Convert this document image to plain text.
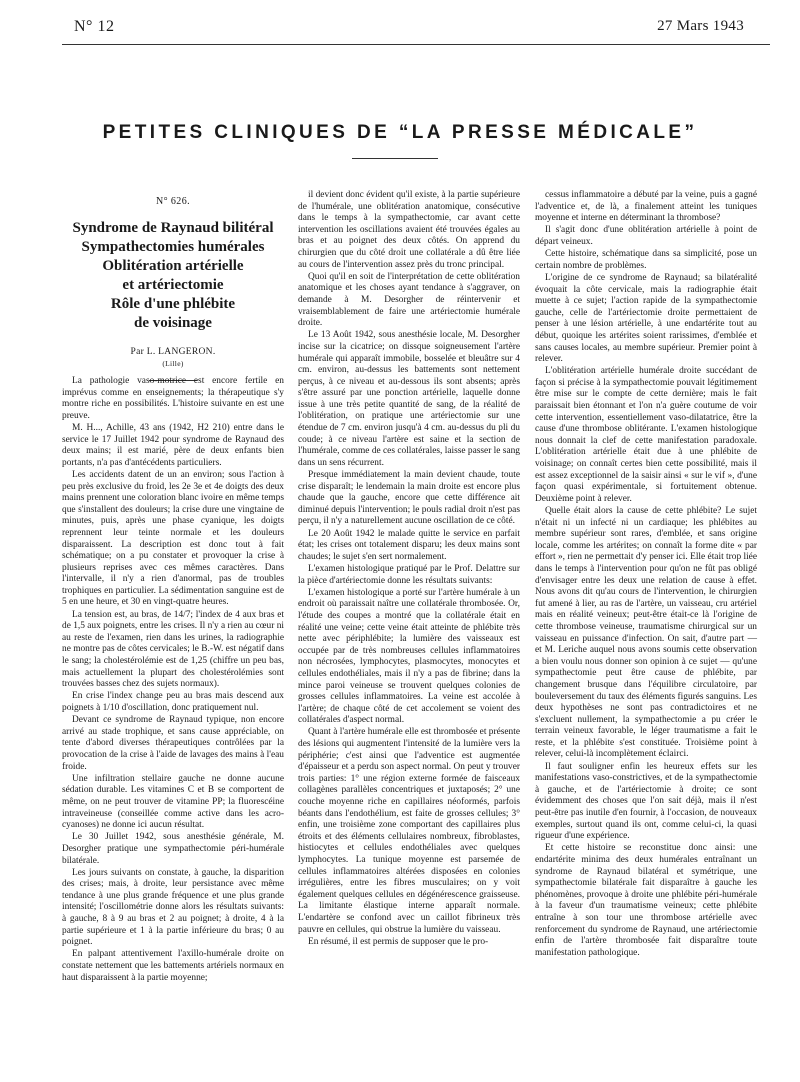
N° 12	27 Mars 1943
PETITES CLINIQUES DE “LA PRESSE MÉDICALE”
N° 626.
Syndrome de Raynaud bilitéral
Sympathectomies humérales
Oblitération artérielle
et artériectomie
Rôle d'une phlébite
de voisinage
Par L. LANGERON.
(Lille)

La pathologie vaso-motrice est encore fertile en imprévus comme en enseignements; la thérapeutique s'y montre riche en possibilités. L'histoire suivante en est une preuve.

M. H..., Achille, 43 ans (1942, H2 210) entre dans le service le 17 Juillet 1942 pour syndrome de Raynaud des deux mains; il est marié, père de deux enfants bien portants, n'a pas d'antécédents particuliers.

Les accidents datent de un an environ; sous l'action à peu près exclusive du froid, les 2e 3e et 4e doigts des deux mains prennent une coloration blanc ivoire en même temps que s'installent des douleurs; la crise dure une vingtaine de minutes, puis, après une phase cyanique, les doigts reprennent leur teinte normale et les douleurs disparaissent. La description est donc tout à fait schématique; on a pu constater et provoquer la crise à plusieurs reprises avec ces mêmes caractères. Dans l'intervalle, il n'y a rien d'anormal, pas de troubles trophiques en particulier. La sédimentation sanguine est de 5 en une heure, et 30 en vingt-quatre heures.

La tension est, au bras, de 14/7; l'index de 4 aux bras et de 1,5 aux poignets, entre les crises. Il n'y a rien au cœur ni au reste de l'examen, rien dans les urines, la radiographie ne montre pas de côtes cervicales; le B.-W. est négatif dans le sang; la cholestérolémie est de 1,25 (chiffre un peu bas, mais actuellement la plupart des cholestérolémies sont trouvées basses chez des sujets normaux).

En crise l'index change peu au bras mais descend aux poignets à 1/10 d'oscillation, donc pratiquement nul.

Devant ce syndrome de Raynaud typique, non encore arrivé au stade trophique, et sans cause appréciable, on tente d'abord diverses thérapeutiques contrôlées par la provocation de la crise à l'aide de lavages des mains à l'eau froide.

Une infiltration stellaire gauche ne donne aucune sédation durable. Les vitamines C et B se comportent de même, on ne peut trouver de vitamine PP; la fluorescéine intraveineuse (conseillée comme active dans les acro-cyanoses) ne donne ici aucun résultat.

Le 30 Juillet 1942, sous anesthésie générale, M. Desorgher pratique une sympathectomie péri-humérale bilatérale.

Les jours suivants on constate, à gauche, la disparition des crises; mais, à droite, leur persistance avec même tendance à une plus grande fréquence et une plus grande intensité; l'oscillométrie donne alors les résultats suivants: à gauche, 8 à 9 au bras et 2 au poignet; à droite, 4 à la partie supérieure et 1 à la partie inférieure du bras; 0 au poignet.

En palpant attentivement l'axillo-humérale droite on constate nettement que les battements artériels normaux en haut disparaissent à la partie moyenne;

il devient donc évident qu'il existe, à la partie supérieure de l'humérale, une oblitération anatomique, consécutive dans le temps à la sympathectomie, car avant cette intervention les oscillations avaient été trouvées égales au bras et au poignet des deux côtés. On apprend du chirurgien que du côté droit une collatérale a dû être liée au cours de l'intervention assez près du tronc principal.

Quoi qu'il en soit de l'interprétation de cette oblitération anatomique et les choses ayant tendance à s'aggraver, on demande à M. Desorgher de réintervenir et vraisemblablement de faire une artériectomie humérale droite.

Le 13 Août 1942, sous anesthésie locale, M. Desorgher incise sur la cicatrice; on dissque soigneusement l'artère humérale qui apparaît immobile, bosselée et bleuâtre sur 4 cm. environ, au-dessus les battements sont nettement perçus, à ce niveau et au-dessous ils sont absents; après s'être assuré par une ponction artérielle, laquelle donne issue à une très petite quantité de sang, de la réalité de l'oblitération, on pratique une artériectomie sur une étendue de 7 cm. environ jusqu'à 4 cm. au-dessus du pli du coude; à ce niveau l'artère est saine et la section de l'humérale, comme de ces collatérales, laisse passer le sang dans un sens récurrent.

Presque immédiatement la main devient chaude, toute crise disparaît; le lendemain la main droite est encore plus chaude que la gauche, encore que cette différence ait diminué depuis l'intervention; le pouls radial droit n'est pas perçu, il n'y a naturellement aucune oscillation de ce côté.

Le 20 Août 1942 le malade quitte le service en parfait état; les crises ont totalement disparu; les deux mains sont chaudes; le sujet s'en sert normalement.

L'examen histologique pratiqué par le Prof. Delattre sur la pièce d'artériectomie donne les résultats suivants:

L'examen histologique a porté sur l'artère humérale à un endroit où paraissait naître une collatérale thrombosée. Or, l'étude des coupes a montré que la collatérale était en réalité une veine; cette veine était atteinte de phlébite très nette avec périphlébite; la lumière des vaisseaux est occupée par de très nombreuses cellules inflammatoires non nécrosées, lymphocytes, plasmocytes, monocytes et cellules endothéliales, mais il n'y a pas de fibrine; dans la mince paroi veineuse se trouvent quelques colonies de grosses cellules inflammatoires. La veine est accolée à l'artère; de chaque côté de cet accolement se voient des collatérales d'aspect normal.

Quant à l'artère humérale elle est thrombosée et présente des lésions qui augmentent l'intensité de la lumière vers la périphérie; c'est ainsi que l'adventice est augmentée d'épaisseur et a perdu son aspect normal. On peut y trouver trois parties: 1° une région externe formée de faisceaux collagènes parallèles concentriques et juxtaposés; 2° une couche moyenne riche en capillaires néoformés, parfois béants dans l'endothélium, est faite de grosses cellules; 3° enfin, une troisième zone comportant des capillaires plus étroits et des éléments cellulaires nombreux, fibroblastes, histiocytes et cellules endothéliales avec quelques lymphocytes. La tunique moyenne est parsemée de cellules inflammatoires altérées disposées en colonies irrégulières, entre les fibres musculaires; on y voit également quelques cellules en dégénérescence graisseuse. La limitante élastique interne apparaît normale. L'endartère se confond avec un caillot fibrineux très pauvre en cellules, qui obstrue la lumière du vaisseau.

En résumé, il est permis de supposer que le pro-

cessus inflammatoire a débuté par la veine, puis a gagné l'adventice et, de là, a finalement atteint les tuniques moyenne et interne en déterminant la thrombose?

Il s'agit donc d'une oblitération artérielle à point de départ veineux.

Cette histoire, schématique dans sa simplicité, pose un certain nombre de problèmes.

L'origine de ce syndrome de Raynaud; sa bilatéralité évoquait la côte cervicale, mais la radiographie était muette à ce sujet; l'action rapide de la sympathectomie gauche, celle de l'artériectomie droite permettaient de penser à une lésion artérielle, à une endartérite tout au début, quoique les artérites soient rarissimes, d'emblée et sans causes locales, au membre supérieur. Premier point à relever.

L'oblitération artérielle humérale droite succédant de façon si précise à la sympathectomie pouvait légitimement être mise sur le compte de cette dernière; mais le fait paraissait bien étonnant et l'on n'a guère coutume de voir cette intervention, essentiellement vaso-dilatatrice, être la cause d'une thrombose oblitérante. L'examen histologique nous donnait la clef de cette manifestation paradoxale. L'oblitération artérielle était due à une phlébite de voisinage; on connaît certes bien cette possibilité, mais il est assez exceptionnel de la saisir ainsi « sur le vif », d'une façon quasi expérimentale, si fortuitement obtenue. Deuxième point à relever.

Quelle était alors la cause de cette phlébite? Le sujet n'était ni un infecté ni un cardiaque; les phlébites au membre supérieur sont rares, d'emblée, et sans origine locale, comme les artérites; on connaît la forme dite « par effort », rien ne permettait d'y penser ici. Elle était trop liée dans le temps à l'intervention pour qu'on ne fût pas obligé d'envisager entre les deux une relation de cause à effet. Nous avons dit qu'au cours de l'intervention, le chirurgien fut amené à lier, au ras de l'artère, un vaisseau, cru artériel mais en réalité veineux; peut-être était-ce là l'origine de cette thrombose veineuse, traumatisme chirurgical sur un vaisseau en puissance d'infection. On sait, d'autre part — et M. Leriche auquel nous avons soumis cette observation a bien voulu nous donner son opinion à ce sujet — qu'une sympathectomie peut être cause de phlébite, par changement brusque dans l'équilibre circulatoire, par bouleversement du taux des éléments figurés sanguins. Les deux hypothèses ne sont pas contradictoires et ne s'excluent nullement, la sympathectomie a pu créer le terrain veineux favorable, le léger traumatisme a fait le reste, et la phlébite s'est constituée. Troisième point à relever, celui-là incomplètement éclairci.

Il faut souligner enfin les heureux effets sur les manifestations vaso-constrictives, et de la sympathectomie à gauche, et de l'artériectomie à droite; ce sont évidemment des choses que l'on sait déjà, mais il n'est peut-être pas inutile d'en fournir, à l'occasion, de nouveaux exemples, surtout quand ils ont, comme celui-ci, la quasi rigueur d'une expérience.

Et cette histoire se reconstitue donc ainsi: une endartérite minima des deux humérales entraînant un syndrome de Raynaud bilatéral et symétrique, une sympathectomie bilatérale fait disparaître à gauche les phénomènes, provoque à droite une phlébite péri-humérale à la faveur d'un traumatisme veineux; cette phlébite entraîne à son tour une thrombose artérielle avec renforcement du syndrome de Raynaud, une artériectomie enfin de l'artère thrombosée fait disparaître toute manifestation pathologique.
